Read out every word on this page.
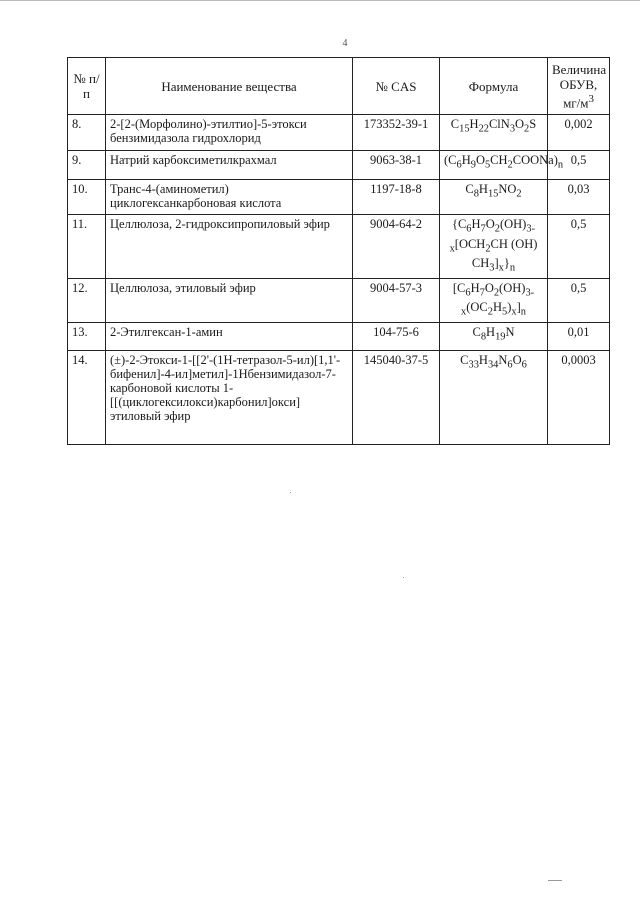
4
№ п/п	Наименование вещества	№ CAS	Формула	Величина ОБУВ,
$мг/м^3$
8.	2-[2-(Морфолино)-этилтио]-5-этокси бензимидазола гидрохлорид	173352-39-1	$C_{15}H_{22}ClN_3O_2S$	0,002
9.	Натрий карбоксиметилкрахмал	9063-38-1	$(C_6H_9O_5CH_2COONa)_n$	0,5
10.	Транс-4-(аминометил) циклогексанкарбоновая кислота	1197-18-8	$C_8H_{15}NO_2$	0,03
11.	Целлюлоза, 2-гидроксипропиловый эфир	9004-64-2	{$C_6H_7O_2(OH)_{3-x}[OCH_2CH$ (OH) $CH_3]_x\}_n$	0,5
12.	Целлюлоза, этиловый эфир	9004-57-3	$[C_6H_7O_2(OH)_{3-x}(OC_2H_5)_x]_n$	0,5
13.	2-Этилгексан-1-амин	104-75-6	$C_8H_{19}N$	0,01
14.	(±)-2-Этокси-1-[[2'-(1H-тетразол-5-ил)[1,1'-бифенил]-4-ил]метил]-1Hбензимидазол-7-карбоновой кислоты 1-[[(циклогексилокси)карбонил]окси] этиловый эфир	145040-37-5	$C_{33}H_{34}N_6O_6$	0,0003
